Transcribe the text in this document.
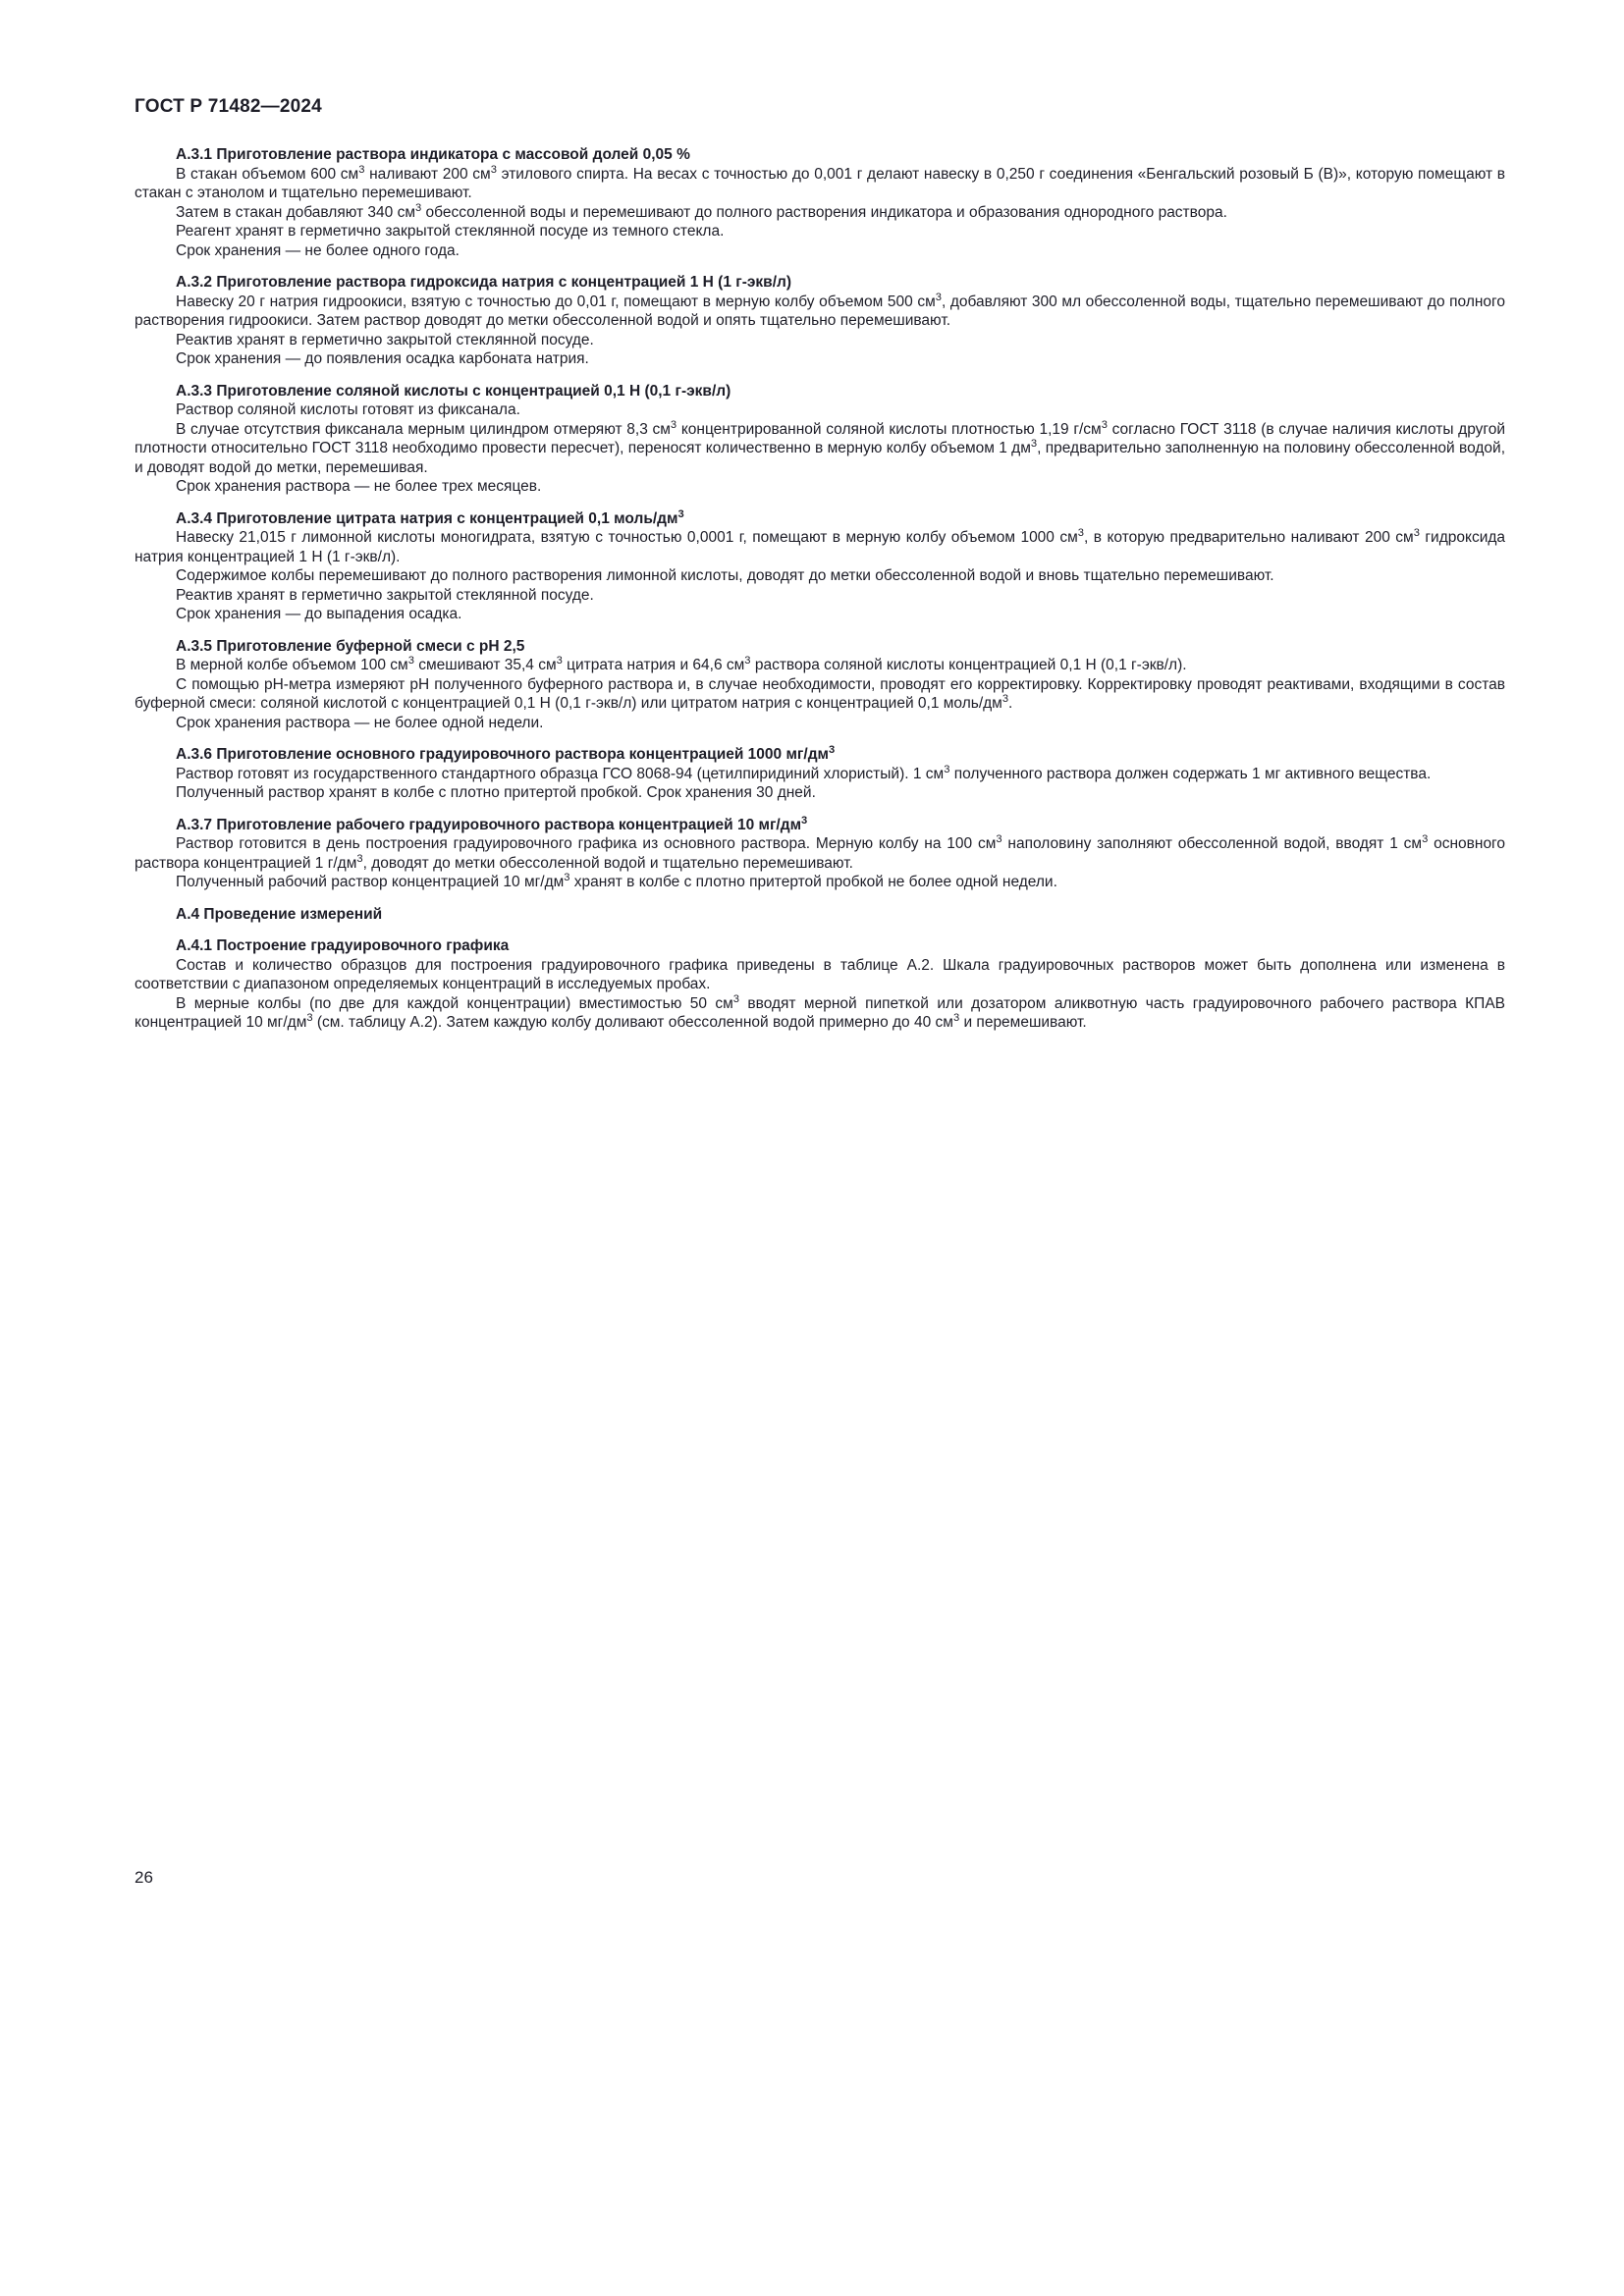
ГОСТ Р 71482—2024
А.3.1 Приготовление раствора индикатора с массовой долей 0,05 %

В стакан объемом 600 $см^3$ наливают 200 $см^3$ этилового спирта. На весах с точностью до 0,001 г делают навеску в 0,250 г соединения «Бенгальский розовый Б (В)», которую помещают в стакан с этанолом и тщательно перемешивают.

Затем в стакан добавляют 340 $см^3$ обессоленной воды и перемешивают до полного растворения индикатора и образования однородного раствора.

Реагент хранят в герметично закрытой стеклянной посуде из темного стекла.

Срок хранения — не более одного года.

А.3.2 Приготовление раствора гидроксида натрия с концентрацией 1 Н (1 г-экв/л)

Навеску 20 г натрия гидроокиси, взятую с точностью до 0,01 г, помещают в мерную колбу объемом 500 $см^3$, добавляют 300 мл обессоленной воды, тщательно перемешивают до полного растворения гидроокиси. Затем раствор доводят до метки обессоленной водой и опять тщательно перемешивают.

Реактив хранят в герметично закрытой стеклянной посуде.

Срок хранения — до появления осадка карбоната натрия.

А.3.3 Приготовление соляной кислоты с концентрацией 0,1 Н (0,1 г-экв/л)

Раствор соляной кислоты готовят из фиксанала.

В случае отсутствия фиксанала мерным цилиндром отмеряют 8,3 $см^3$ концентрированной соляной кислоты плотностью 1,19 $г/см^3$ согласно ГОСТ 3118 (в случае наличия кислоты другой плотности относительно ГОСТ 3118 необходимо провести пересчет), переносят количественно в мерную колбу объемом 1 $дм^3$, предварительно заполненную на половину обессоленной водой, и доводят водой до метки, перемешивая.

Срок хранения раствора — не более трех месяцев.

А.3.4 Приготовление цитрата натрия с концентрацией 0,1 моль/$дм^3$

Навеску 21,015 г лимонной кислоты моногидрата, взятую с точностью 0,0001 г, помещают в мерную колбу объемом 1000 $см^3$, в которую предварительно наливают 200 $см^3$ гидроксида натрия концентрацией 1 Н (1 г-экв/л).

Содержимое колбы перемешивают до полного растворения лимонной кислоты, доводят до метки обессоленной водой и вновь тщательно перемешивают.

Реактив хранят в герметично закрытой стеклянной посуде.

Срок хранения — до выпадения осадка.

А.3.5 Приготовление буферной смеси с pH 2,5

В мерной колбе объемом 100 $см^3$ смешивают 35,4 $см^3$ цитрата натрия и 64,6 $см^3$ раствора соляной кислоты концентрацией 0,1 Н (0,1 г-экв/л).

С помощью pH-метра измеряют pH полученного буферного раствора и, в случае необходимости, проводят его корректировку. Корректировку проводят реактивами, входящими в состав буферной смеси: соляной кислотой с концентрацией 0,1 Н (0,1 г-экв/л) или цитратом натрия с концентрацией 0,1 моль/$дм^3$.

Срок хранения раствора — не более одной недели.

А.3.6 Приготовление основного градуировочного раствора концентрацией 1000 $мг/дм^3$

Раствор готовят из государственного стандартного образца ГСО 8068-94 (цетилпиридиний хлористый). 1 $см^3$ полученного раствора должен содержать 1 мг активного вещества.

Полученный раствор хранят в колбе с плотно притертой пробкой. Срок хранения 30 дней.

А.3.7 Приготовление рабочего градуировочного раствора концентрацией 10 $мг/дм^3$

Раствор готовится в день построения градуировочного графика из основного раствора. Мерную колбу на 100 $см^3$ наполовину заполняют обессоленной водой, вводят 1 $см^3$ основного раствора концентрацией 1 $г/дм^3$, доводят до метки обессоленной водой и тщательно перемешивают.

Полученный рабочий раствор концентрацией 10 $мг/дм^3$ хранят в колбе с плотно притертой пробкой не более одной недели.

А.4 Проведение измерений
А.4.1 Построение градуировочного графика

Состав и количество образцов для построения градуировочного графика приведены в таблице А.2. Шкала градуировочных растворов может быть дополнена или изменена в соответствии с диапазоном определяемых концентраций в исследуемых пробах.

В мерные колбы (по две для каждой концентрации) вместимостью 50 $см^3$ вводят мерной пипеткой или дозатором аликвотную часть градуировочного рабочего раствора КПАВ концентрацией 10 $мг/дм^3$ (см. таблицу А.2). Затем каждую колбу доливают обессоленной водой примерно до 40 $см^3$ и перемешивают.

26
